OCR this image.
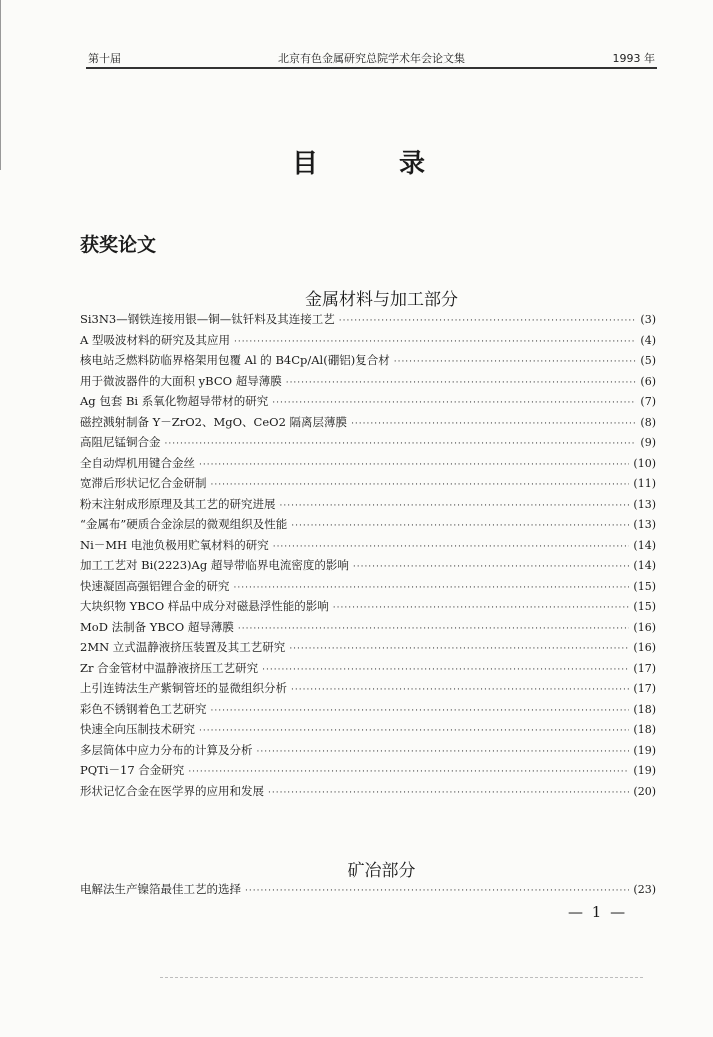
第十届	北京有色金属研究总院学术年会论文集	1993 年
目 录
获奖论文
金属材料与加工部分
Si3N3—钢铁连接用银—铜—钛钎料及其连接工艺 ·····	(3)
A 型吸波材料的研究及其应用 ·····	(4)
核电站乏燃料防临界格架用包覆 Al 的 B4Cp/Al(硼铝)复合材 ·····	(5)
用于微波器件的大面积 yBCO 超导薄膜 ·····	(6)
Ag 包套 Bi 系氧化物超导带材的研究 ·····	(7)
磁控溅射制备 Y－ZrO2、MgO、CeO2 隔离层薄膜 ·····	(8)
高阻尼锰铜合金 ·····	(9)
全自动焊机用键合金丝 ·····	(10)
宽滞后形状记忆合金研制 ·····	(11)
粉末注射成形原理及其工艺的研究进展 ·····	(13)
“金属布”硬质合金涂层的微观组织及性能 ·····	(13)
Ni－MH 电池负极用贮氧材料的研究 ·····	(14)
加工工艺对 Bi(2223)Ag 超导带临界电流密度的影响 ·····	(14)
快速凝固高强铝锂合金的研究 ·····	(15)
大块织物 YBCO 样品中成分对磁悬浮性能的影响 ·····	(15)
MoD 法制备 YBCO 超导薄膜 ·····	(16)
2MN 立式温静液挤压装置及其工艺研究 ·····	(16)
Zr 合金管材中温静液挤压工艺研究 ·····	(17)
上引连铸法生产紫铜管坯的显微组织分析 ·····	(17)
彩色不锈钢着色工艺研究 ·····	(18)
快速全向压制技术研究 ·····	(18)
多层筒体中应力分布的计算及分析 ·····	(19)
PQTi－17 合金研究 ·····	(19)
形状记忆合金在医学界的应用和发展 ·····	(20)
矿冶部分
电解法生产镍箔最佳工艺的选择 ·····	(23)
— 1 —
